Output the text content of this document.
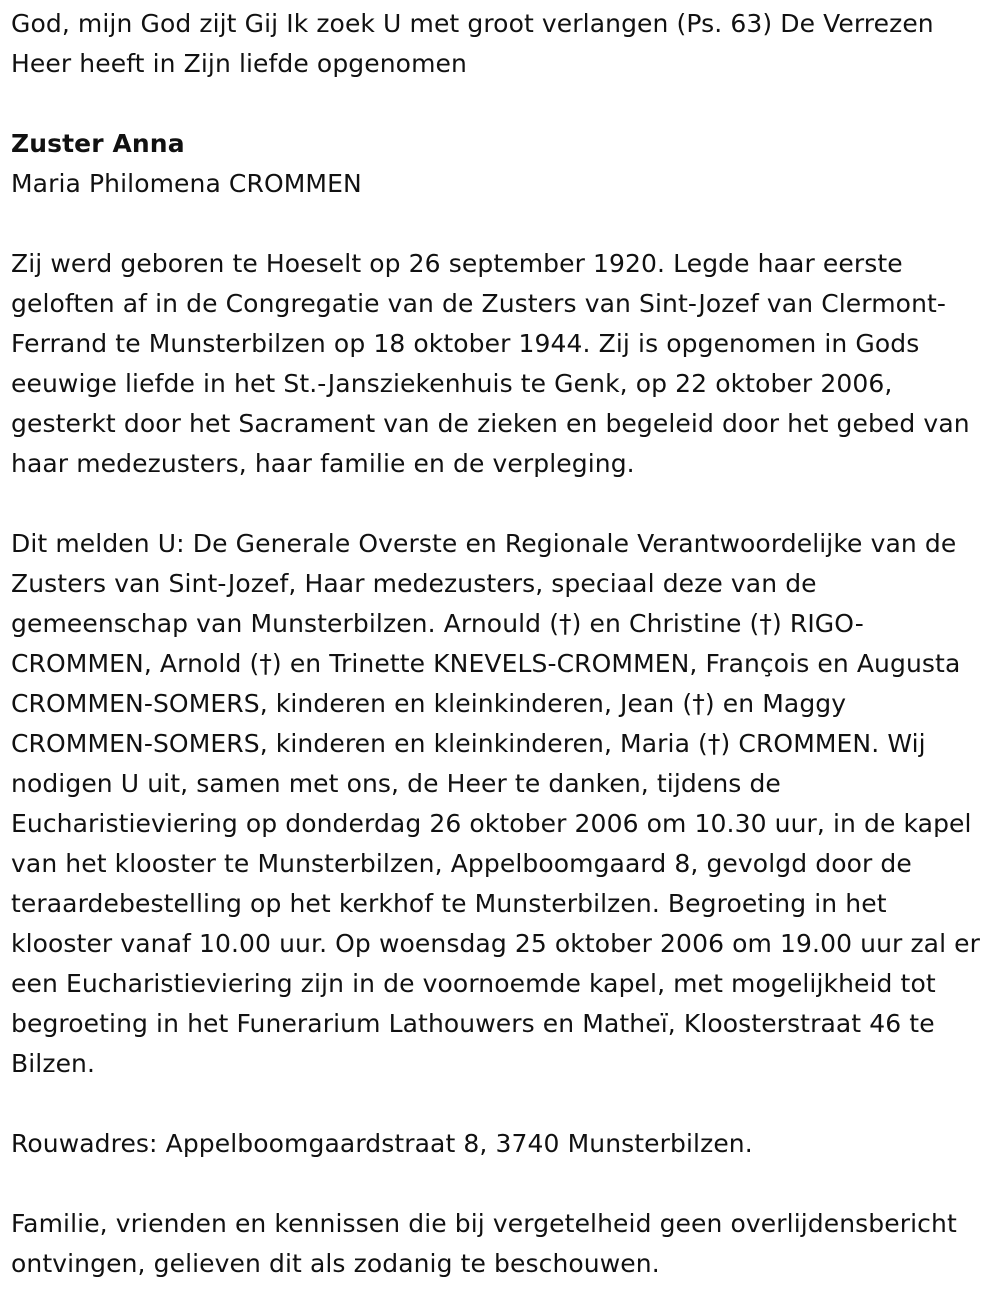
God, mijn God zijt Gij Ik zoek U met groot verlangen (Ps. 63) De Verrezen Heer heeft in Zijn liefde opgenomen

Zuster Anna

Maria Philomena CROMMEN

Zij werd geboren te Hoeselt op 26 september 1920. Legde haar eerste geloften af in de Congregatie van de Zusters van Sint-Jozef van Clermont-Ferrand te Munsterbilzen op 18 oktober 1944. Zij is opgenomen in Gods eeuwige liefde in het St.-Jansziekenhuis te Genk, op 22 oktober 2006, gesterkt door het Sacrament van de zieken en begeleid door het gebed van haar medezusters, haar familie en de verpleging.

Dit melden U: De Generale Overste en Regionale Verantwoordelijke van de Zusters van Sint-Jozef, Haar medezusters, speciaal deze van de gemeenschap van Munsterbilzen. Arnould (†) en Christine (†) RIGO-CROMMEN, Arnold (†) en Trinette KNEVELS-CROMMEN, François en Augusta CROMMEN-SOMERS, kinderen en kleinkinderen, Jean (†) en Maggy CROMMEN-SOMERS, kinderen en kleinkinderen, Maria (†) CROMMEN. Wij nodigen U uit, samen met ons, de Heer te danken, tijdens de Eucharistieviering op donderdag 26 oktober 2006 om 10.30 uur, in de kapel van het klooster te Munsterbilzen, Appelboomgaard 8, gevolgd door de teraardebestelling op het kerkhof te Munsterbilzen. Begroeting in het klooster vanaf 10.00 uur. Op woensdag 25 oktober 2006 om 19.00 uur zal er een Eucharistieviering zijn in de voornoemde kapel, met mogelijkheid tot begroeting in het Funerarium Lathouwers en Matheï, Kloosterstraat 46 te Bilzen.

Rouwadres: Appelboomgaardstraat 8, 3740 Munsterbilzen.

Familie, vrienden en kennissen die bij vergetelheid geen overlijdensbericht ontvingen, gelieven dit als zodanig te beschouwen.
